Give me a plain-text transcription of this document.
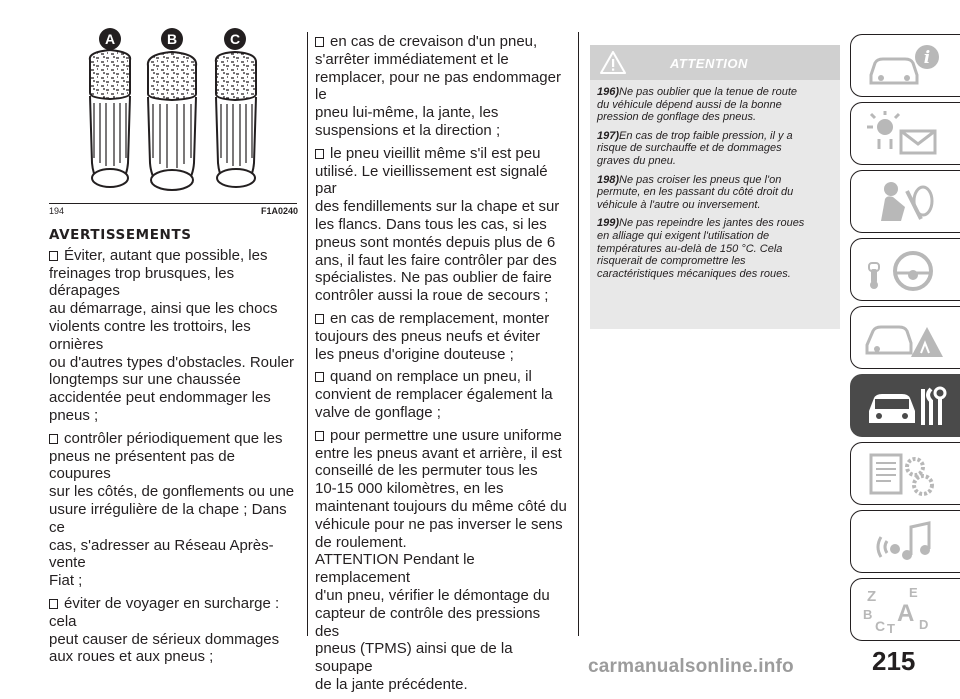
A	B	C
194	F1A0240
AVERTISSEMENTS

Éviter, autant que possible, les
freinages trop brusques, les dérapages
au démarrage, ainsi que les chocs
violents contre les trottoirs, les ornières
ou d'autres types d'obstacles. Rouler
longtemps sur une chaussée
accidentée peut endommager les
pneus ;

contrôler périodiquement que les
pneus ne présentent pas de coupures
sur les côtés, de gonflements ou une
usure irrégulière de la chape ; Dans ce
cas, s'adresser au Réseau Après-vente
Fiat ;

éviter de voyager en surcharge : cela
peut causer de sérieux dommages
aux roues et aux pneus ;

en cas de crevaison d'un pneu,
s'arrêter immédiatement et le
remplacer, pour ne pas endommager le
pneu lui-même, la jante, les
suspensions et la direction ;

le pneu vieillit même s'il est peu
utilisé. Le vieillissement est signalé par
des fendillements sur la chape et sur
les flancs. Dans tous les cas, si les
pneus sont montés depuis plus de 6
ans, il faut les faire contrôler par des
spécialistes. Ne pas oublier de faire
contrôler aussi la roue de secours ;

en cas de remplacement, monter
toujours des pneus neufs et éviter
les pneus d'origine douteuse ;

quand on remplace un pneu, il
convient de remplacer également la
valve de gonflage ;

pour permettre une usure uniforme
entre les pneus avant et arrière, il est
conseillé de les permuter tous les
10-15 000 kilomètres, en les
maintenant toujours du même côté du
véhicule pour ne pas inverser le sens
de roulement.

ATTENTION Pendant le remplacement
d'un pneu, vérifier le démontage du
capteur de contrôle des pressions des
pneus (TPMS) ainsi que de la soupape
de la jante précédente.

ATTENTION

196)Ne pas oublier que la tenue de route
du véhicule dépend aussi de la bonne
pression de gonflage des pneus.

197)En cas de trop faible pression, il y a
risque de surchauffe et de dommages
graves du pneu.

198)Ne pas croiser les pneus que l'on
permute, en les passant du côté droit du
véhicule à l'autre ou inversement.

199)Ne pas repeindre les jantes des roues
en alliage qui exigent l'utilisation de
températures au-delà de 150 °C. Cela
risquerait de compromettre les
caractéristiques mécaniques des roues.

i
Z	E
B A
C T D
215
carmanualsonline.info
